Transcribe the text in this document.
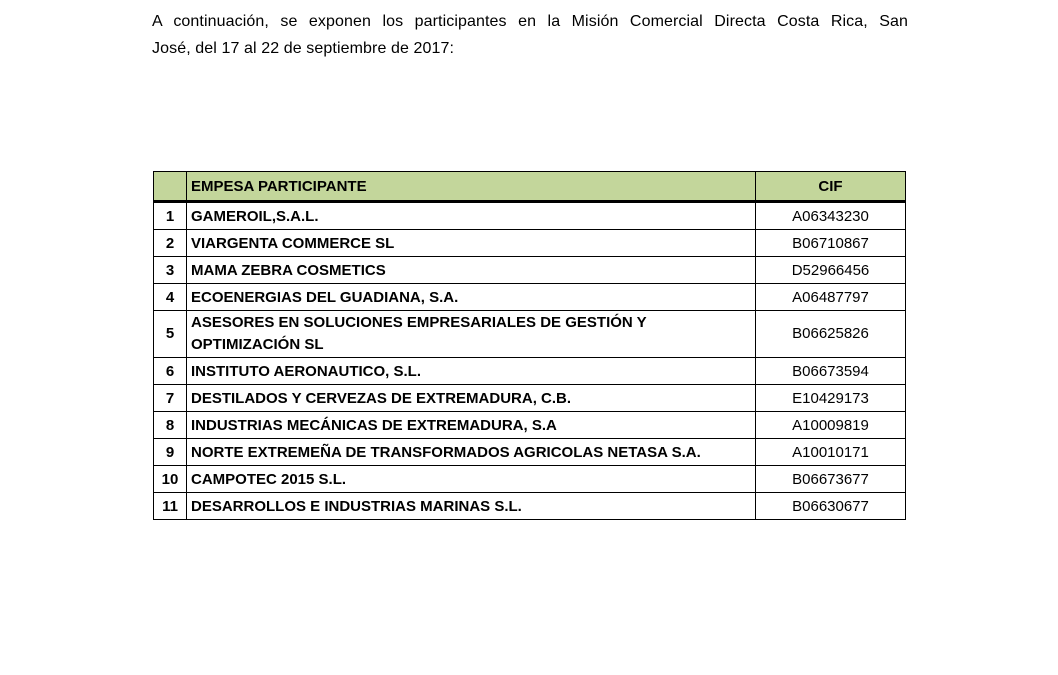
A continuación, se exponen los participantes en la Misión Comercial Directa Costa Rica, San
José, del 17 al 22 de septiembre de 2017:
	EMPESA PARTICIPANTE	CIF
1	GAMEROIL,S.A.L.	A06343230
2	VIARGENTA COMMERCE SL	B06710867
3	MAMA ZEBRA COSMETICS	D52966456
4	ECOENERGIAS DEL GUADIANA, S.A.	A06487797
5	ASESORES EN SOLUCIONES EMPRESARIALES DE GESTIÓN Y OPTIMIZACIÓN SL	B06625826
6	INSTITUTO AERONAUTICO, S.L.	B06673594
7	DESTILADOS Y CERVEZAS DE EXTREMADURA, C.B.	E10429173
8	INDUSTRIAS MECÁNICAS DE EXTREMADURA, S.A	A10009819
9	NORTE EXTREMEÑA DE TRANSFORMADOS AGRICOLAS NETASA S.A.	A10010171
10	CAMPOTEC 2015 S.L.	B06673677
11	DESARROLLOS E INDUSTRIAS MARINAS S.L.	B06630677
